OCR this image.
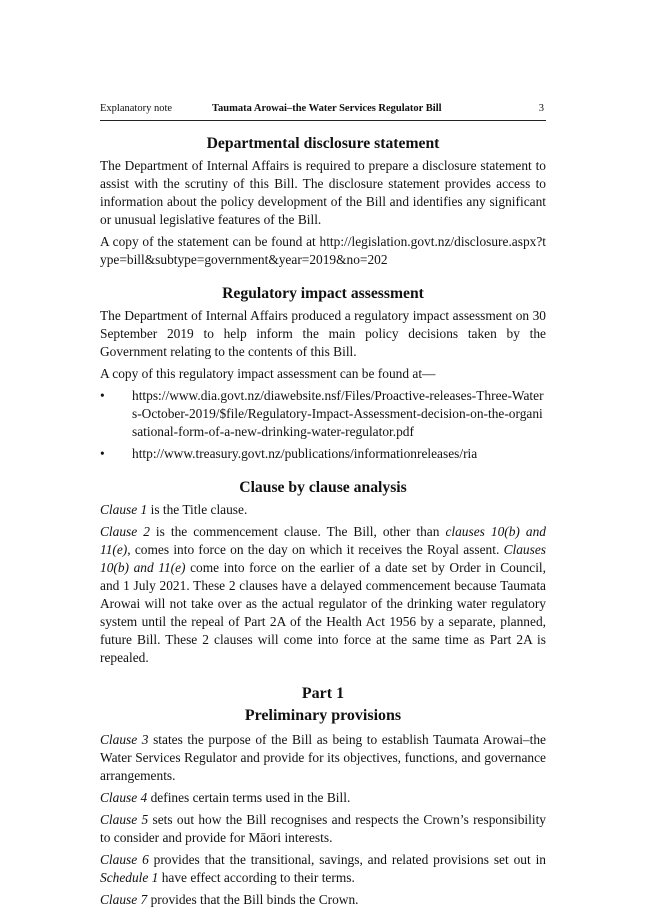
Explanatory note	Taumata Arowai–the Water Services Regulator Bill	3
Departmental disclosure statement

The Department of Internal Affairs is required to prepare a disclosure statement to assist with the scrutiny of this Bill. The disclosure statement provides access to information about the policy development of the Bill and identifies any significant or unusual legislative features of the Bill.

A copy of the statement can be found at http://legislation.govt.nz/disclosure.aspx?type=bill&subtype=government&year=2019&no=202

Regulatory impact assessment

The Department of Internal Affairs produced a regulatory impact assessment on 30 September 2019 to help inform the main policy decisions taken by the Government relating to the contents of this Bill.

A copy of this regulatory impact assessment can be found at—

• https://www.dia.govt.nz/diawebsite.nsf/Files/Proactive-releases-Three-Waters-October-2019/$file/Regulatory-Impact-Assessment-decision-on-the-organisational-form-of-a-new-drinking-water-regulator.pdf
• http://www.treasury.govt.nz/publications/informationreleases/ria
Clause by clause analysis

Clause 1 is the Title clause.

Clause 2 is the commencement clause. The Bill, other than clauses 10(b) and 11(e), comes into force on the day on which it receives the Royal assent. Clauses 10(b) and 11(e) come into force on the earlier of a date set by Order in Council, and 1 July 2021. These 2 clauses have a delayed commencement because Taumata Arowai will not take over as the actual regulator of the drinking water regulatory system until the repeal of Part 2A of the Health Act 1956 by a separate, planned, future Bill. These 2 clauses will come into force at the same time as Part 2A is repealed.

Part 1
Preliminary provisions

Clause 3 states the purpose of the Bill as being to establish Taumata Arowai–the Water Services Regulator and provide for its objectives, functions, and governance arrangements.

Clause 4 defines certain terms used in the Bill.

Clause 5 sets out how the Bill recognises and respects the Crown’s responsibility to consider and provide for Māori interests.

Clause 6 provides that the transitional, savings, and related provisions set out in Schedule 1 have effect according to their terms.

Clause 7 provides that the Bill binds the Crown.
